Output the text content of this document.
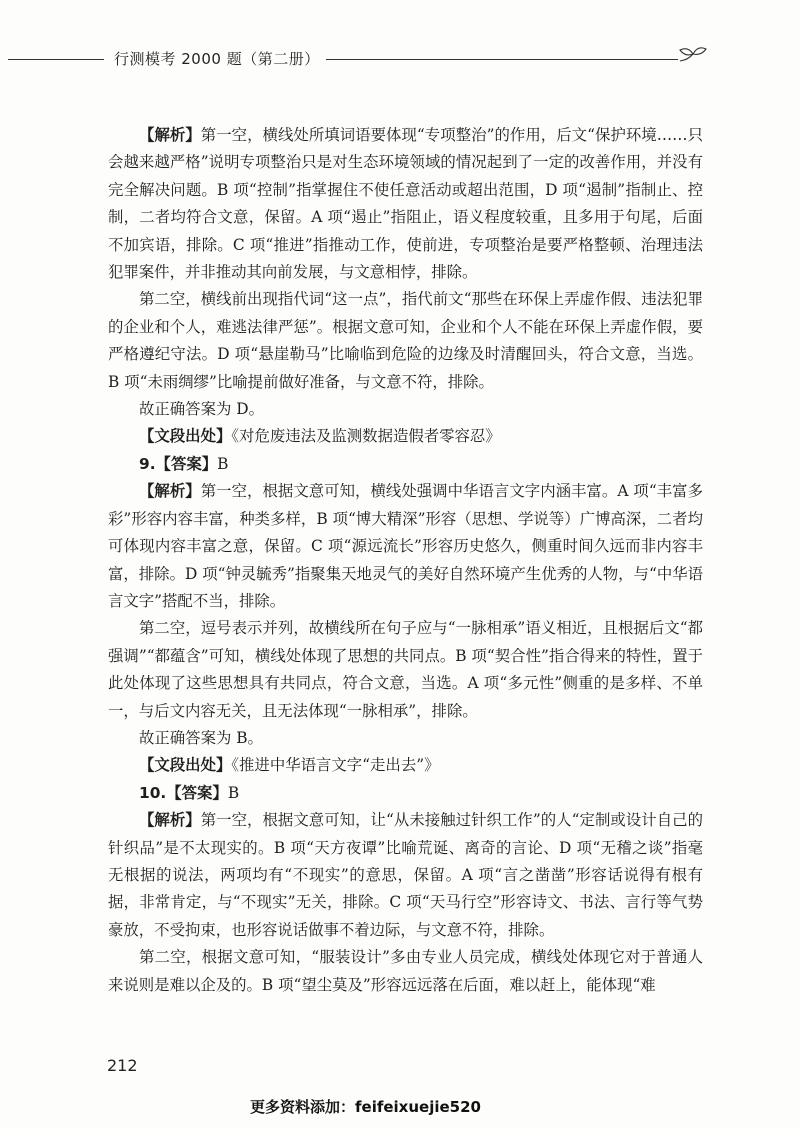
行测模考 2000 题（第二册）

【解析】第一空，横线处所填词语要体现“专项整治”的作用，后文“保护环境……只会越来越严格”说明专项整治只是对生态环境领域的情况起到了一定的改善作用，并没有完全解决问题。B 项“控制”指掌握住不使任意活动或超出范围，D 项“遏制”指制止、控制，二者均符合文意，保留。A 项“遏止”指阻止，语义程度较重，且多用于句尾，后面不加宾语，排除。C 项“推进”指推动工作，使前进，专项整治是要严格整顿、治理违法犯罪案件，并非推动其向前发展，与文意相悖，排除。

第二空，横线前出现指代词“这一点”，指代前文“那些在环保上弄虚作假、违法犯罪的企业和个人，难逃法律严惩”。根据文意可知，企业和个人不能在环保上弄虚作假，要严格遵纪守法。D 项“悬崖勒马”比喻临到危险的边缘及时清醒回头，符合文意，当选。B 项“未雨绸缪”比喻提前做好准备，与文意不符，排除。

故正确答案为 D。

【文段出处】《对危废违法及监测数据造假者零容忍》

9.【答案】B

【解析】第一空，根据文意可知，横线处强调中华语言文字内涵丰富。A 项“丰富多彩”形容内容丰富，种类多样，B 项“博大精深”形容（思想、学说等）广博高深，二者均可体现内容丰富之意，保留。C 项“源远流长”形容历史悠久，侧重时间久远而非内容丰富，排除。D 项“钟灵毓秀”指聚集天地灵气的美好自然环境产生优秀的人物，与“中华语言文字”搭配不当，排除。

第二空，逗号表示并列，故横线所在句子应与“一脉相承”语义相近，且根据后文“都强调”“都蕴含”可知，横线处体现了思想的共同点。B 项“契合性”指合得来的特性，置于此处体现了这些思想具有共同点，符合文意，当选。A 项“多元性”侧重的是多样、不单一，与后文内容无关，且无法体现“一脉相承”，排除。

故正确答案为 B。

【文段出处】《推进中华语言文字“走出去”》

10.【答案】B

【解析】第一空，根据文意可知，让“从未接触过针织工作”的人“定制或设计自己的针织品”是不太现实的。B 项“天方夜谭”比喻荒诞、离奇的言论、D 项“无稽之谈”指毫无根据的说法，两项均有“不现实”的意思，保留。A 项“言之凿凿”形容话说得有根有据，非常肯定，与“不现实”无关，排除。C 项“天马行空”形容诗文、书法、言行等气势豪放，不受拘束，也形容说话做事不着边际，与文意不符，排除。

第二空，根据文意可知，“服装设计”多由专业人员完成，横线处体现它对于普通人来说则是难以企及的。B 项“望尘莫及”形容远远落在后面，难以赶上，能体现“难

212
更多资料添加：feifeixuejie520
